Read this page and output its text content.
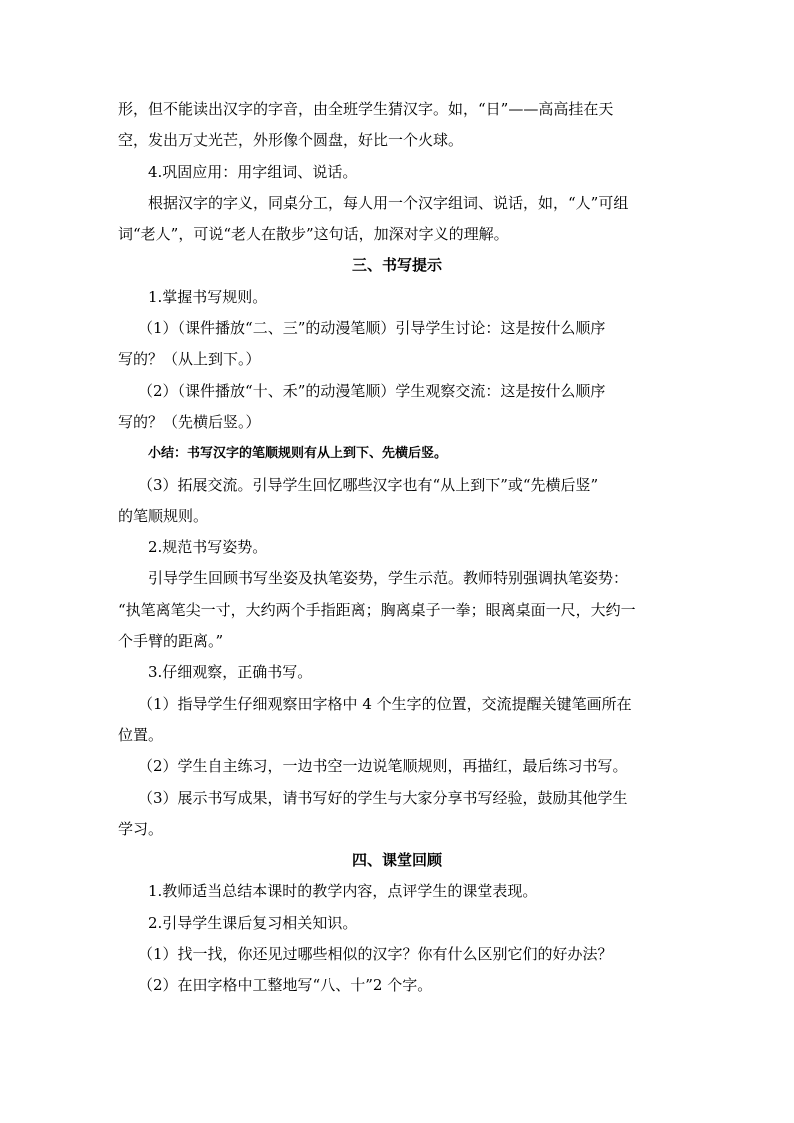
形，但不能读出汉字的字音，由全班学生猜汉字。如，“日”——高高挂在天
空，发出万丈光芒，外形像个圆盘，好比一个火球。
4.巩固应用：用字组词、说话。
根据汉字的字义，同桌分工，每人用一个汉字组词、说话，如，“人”可组
词“老人”，可说“老人在散步”这句话，加深对字义的理解。
三、书写提示
1.掌握书写规则。
（1）（课件播放“二、三”的动漫笔顺）引导学生讨论：这是按什么顺序
写的？（从上到下。）
（2）（课件播放“十、禾”的动漫笔顺）学生观察交流：这是按什么顺序
写的？（先横后竖。）
小结：书写汉字的笔顺规则有从上到下、先横后竖。
（3）拓展交流。引导学生回忆哪些汉字也有“从上到下”或“先横后竖”
的笔顺规则。
2.规范书写姿势。
引导学生回顾书写坐姿及执笔姿势，学生示范。教师特别强调执笔姿势：
“执笔离笔尖一寸，大约两个手指距离；胸离桌子一拳；眼离桌面一尺，大约一
个手臂的距离。”
3.仔细观察，正确书写。
（1）指导学生仔细观察田字格中 4 个生字的位置，交流提醒关键笔画所在
位置。
（2）学生自主练习，一边书空一边说笔顺规则，再描红，最后练习书写。
（3）展示书写成果，请书写好的学生与大家分享书写经验，鼓励其他学生
学习。
四、课堂回顾
1.教师适当总结本课时的教学内容，点评学生的课堂表现。
2.引导学生课后复习相关知识。
（1）找一找，你还见过哪些相似的汉字？你有什么区别它们的好办法？
（2）在田字格中工整地写“八、十”2 个字。
